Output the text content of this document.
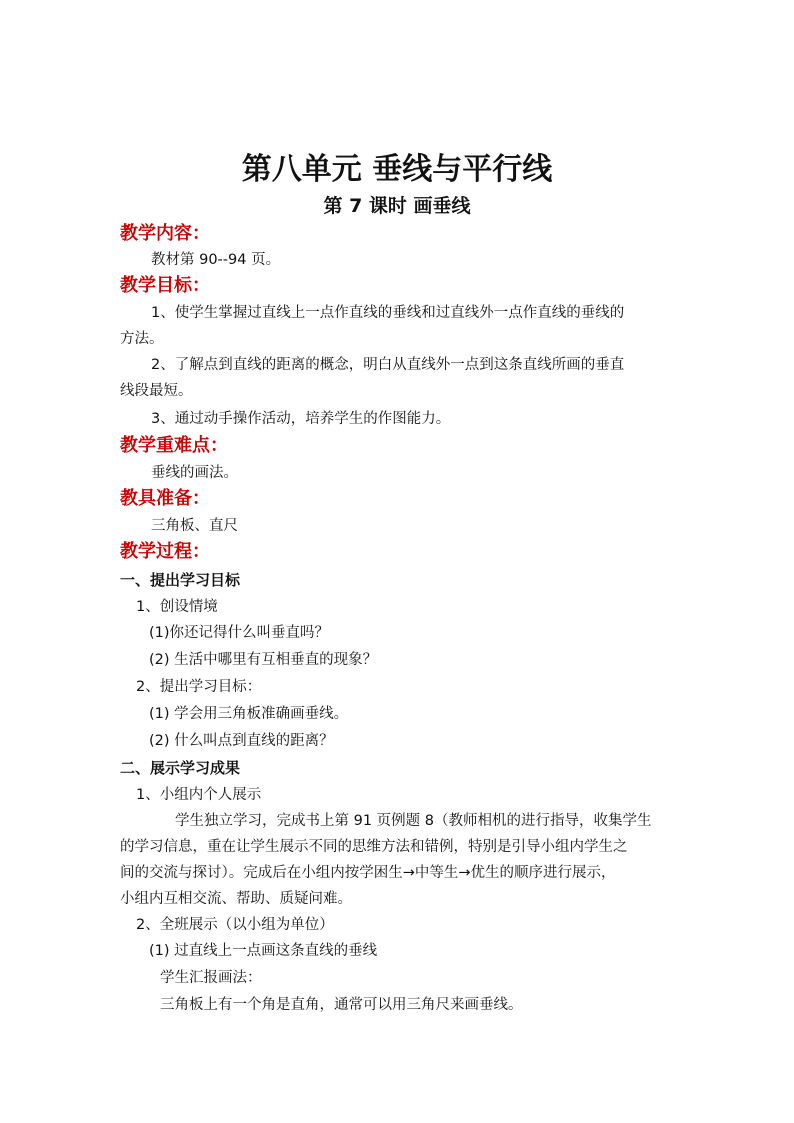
第八单元 垂线与平行线
第 7 课时 画垂线
教学内容：
教材第 90--94 页。
教学目标：
1、使学生掌握过直线上一点作直线的垂线和过直线外一点作直线的垂线的
方法。
2、了解点到直线的距离的概念，明白从直线外一点到这条直线所画的垂直
线段最短。
3、通过动手操作活动，培养学生的作图能力。
教学重难点：
垂线的画法。
教具准备：
三角板、直尺
教学过程：
一、提出学习目标
1、创设情境
(1)你还记得什么叫垂直吗？
(2) 生活中哪里有互相垂直的现象？
2、提出学习目标：
(1) 学会用三角板准确画垂线。
(2) 什么叫点到直线的距离？
二、展示学习成果
1、小组内个人展示
学生独立学习，完成书上第 91 页例题 8（教师相机的进行指导，收集学生
的学习信息，重在让学生展示不同的思维方法和错例，特别是引导小组内学生之
间的交流与探讨）。完成后在小组内按学困生→中等生→优生的顺序进行展示，
小组内互相交流、帮助、质疑问难。
2、全班展示（以小组为单位）
(1) 过直线上一点画这条直线的垂线
学生汇报画法：
三角板上有一个角是直角，通常可以用三角尺来画垂线。
